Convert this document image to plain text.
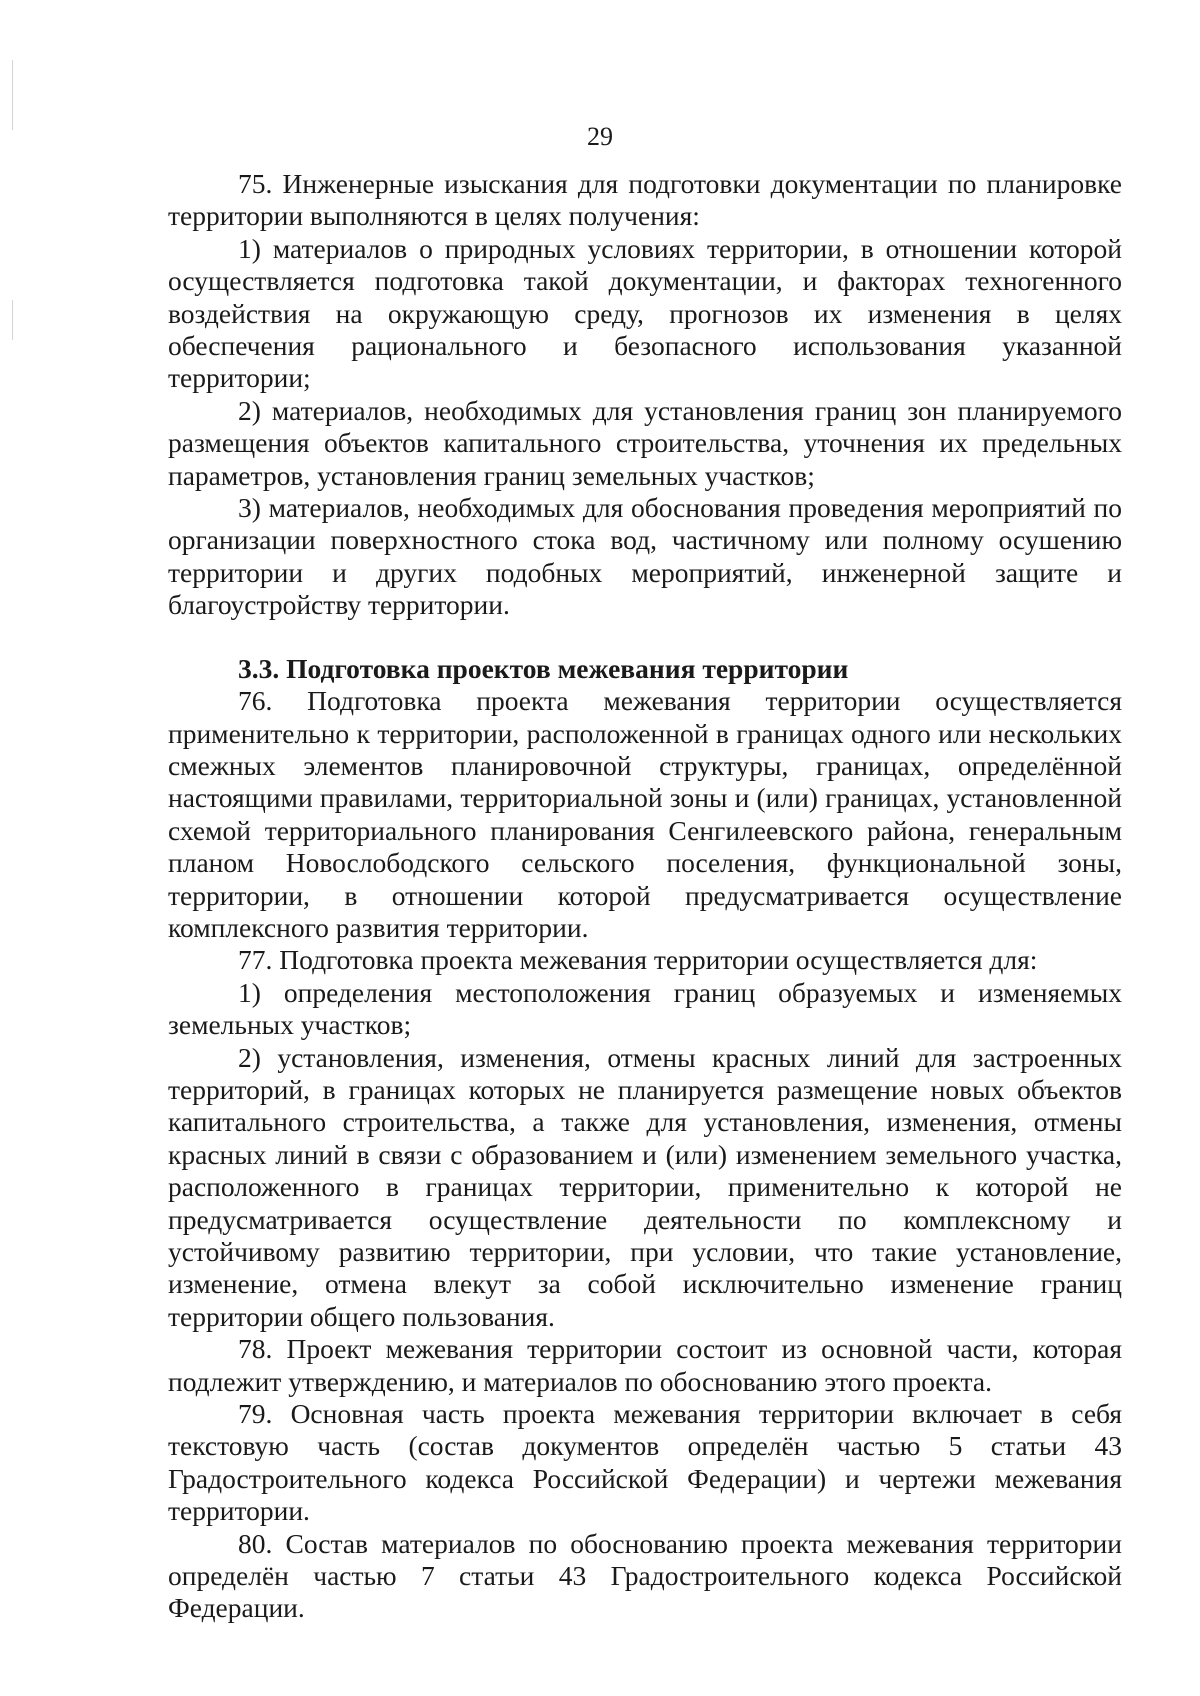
29

75. Инженерные изыскания для подготовки документации по планировке территории выполняются в целях получения:

1) материалов о природных условиях территории, в отношении которой осуществляется подготовка такой документации, и факторах техногенного воздействия на окружающую среду, прогнозов их изменения в целях обеспечения рационального и безопасного использования указанной территории;

2) материалов, необходимых для установления границ зон планируемого размещения объектов капитального строительства, уточнения их предельных параметров, установления границ земельных участков;

3) материалов, необходимых для обоснования проведения мероприятий по организации поверхностного стока вод, частичному или полному осушению территории и других подобных мероприятий, инженерной защите и благоустройству территории.

3.3. Подготовка проектов межевания территории

76. Подготовка проекта межевания территории осуществляется применительно к территории, расположенной в границах одного или нескольких смежных элементов планировочной структуры, границах, определённой настоящими правилами, территориальной зоны и (или) границах, установленной схемой территориального планирования Сенгилеевского района, генеральным планом Новослободского сельского поселения, функциональной зоны, территории, в отношении которой предусматривается осуществление комплексного развития территории.

77. Подготовка проекта межевания территории осуществляется для:

1) определения местоположения границ образуемых и изменяемых земельных участков;

2) установления, изменения, отмены красных линий для застроенных территорий, в границах которых не планируется размещение новых объектов капитального строительства, а также для установления, изменения, отмены красных линий в связи с образованием и (или) изменением земельного участка, расположенного в границах территории, применительно к которой не предусматривается осуществление деятельности по комплексному и устойчивому развитию территории, при условии, что такие установление, изменение, отмена влекут за собой исключительно изменение границ территории общего пользования.

78. Проект межевания территории состоит из основной части, которая подлежит утверждению, и материалов по обоснованию этого проекта.

79. Основная часть проекта межевания территории включает в себя текстовую часть (состав документов определён частью 5 статьи 43 Градостроительного кодекса Российской Федерации) и чертежи межевания территории.

80. Состав материалов по обоснованию проекта межевания территории определён частью 7 статьи 43 Градостроительного кодекса Российской Федерации.
